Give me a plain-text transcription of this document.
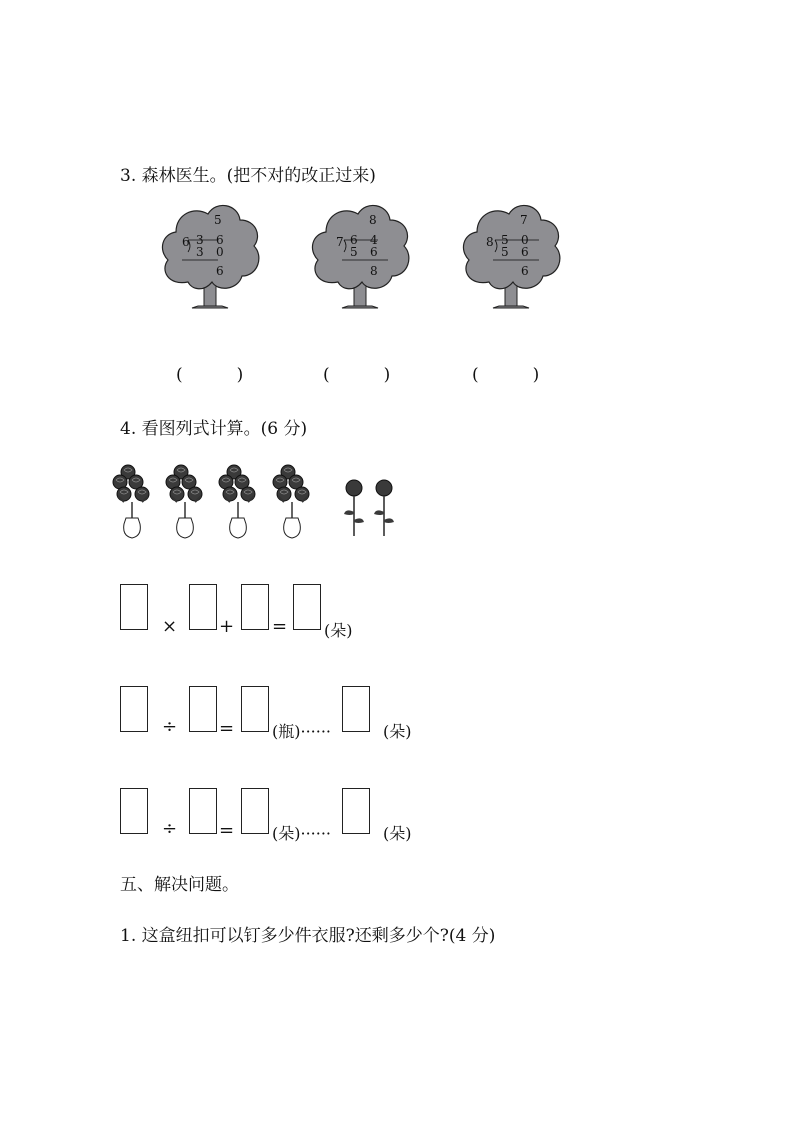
3. 森林医生。(把不对的改正过来)
5
6 3 6
3 0
6
8
7 6 4
5 6
8
7
8 5 0
5 6
6
(          )	(          )	(          )
4. 看图列式计算。(6 分)
× + = (朵)
÷ = (瓶)······	(朵)
÷ = (朵)······	(朵)
五、解决问题。
1. 这盒纽扣可以钉多少件衣服?还剩多少个?(4 分)
